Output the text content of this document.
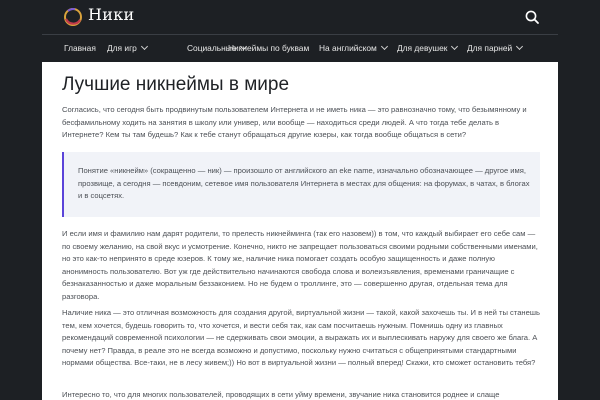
Ники
Главная Для игр	Социальные
Никнеймы по буквам На английском	Для девушек	Для парней
Лучшие никнеймы в мире

Согласись, что сегодня быть продвинутым пользователем Интернета и не иметь ника — это равнозначно тому, что безымянному и бесфамильному ходить на занятия в школу или универ, или вообще — находиться среди людей. А что тогда тебе делать в Интернете? Кем ты там будешь? Как к тебе станут обращаться другие юзеры, как тогда вообще общаться в сети?

Понятие «никнейм» (сокращенно — ник) — произошло от английского an eke name, изначально обозначающее — другое имя, прозвище, а сегодня — псевдоним, сетевое имя пользователя Интернета в местах для общения: на форумах, в чатах, в блогах и в соцсетях.

И если имя и фамилию нам дарят родители, то прелесть никнейминга (так его назовем)) в том, что каждый выбирает его себе сам — по своему желанию, на свой вкус и усмотрение. Конечно, никто не запрещает пользоваться своими родными собственными именами, но это как-то непринято в среде юзеров. К тому же, наличие ника помогает создать особую защищенность и даже полную анонимность пользователю. Вот уж где действительно начинаются свобода слова и волеизъявления, временами граничащие с безнаказанностью и даже моральным беззаконием. Но не будем о троллинге, это — совершенно другая, отдельная тема для разговора.

Наличие ника — это отличная возможность для создания другой, виртуальной жизни — такой, какой захочешь ты. И в ней ты станешь тем, кем хочется, будешь говорить то, что хочется, и вести себя так, как сам посчитаешь нужным. Помнишь одну из главных рекомендаций современной психологии — не сдерживать свои эмоции, а выражать их и выплескивать наружу для своего же блага. А почему нет? Правда, в реале это не всегда возможно и допустимо, поскольку нужно считаться с общепринятыми стандартными нормами общества. Все-таки, не в лесу живем;)) Но вот в виртуальной жизни — полный вперед! Скажи, кто сможет остановить тебя?

Интересно то, что для многих пользователей, проводящих в сети уйму времени, звучание ника становится роднее и слаще
